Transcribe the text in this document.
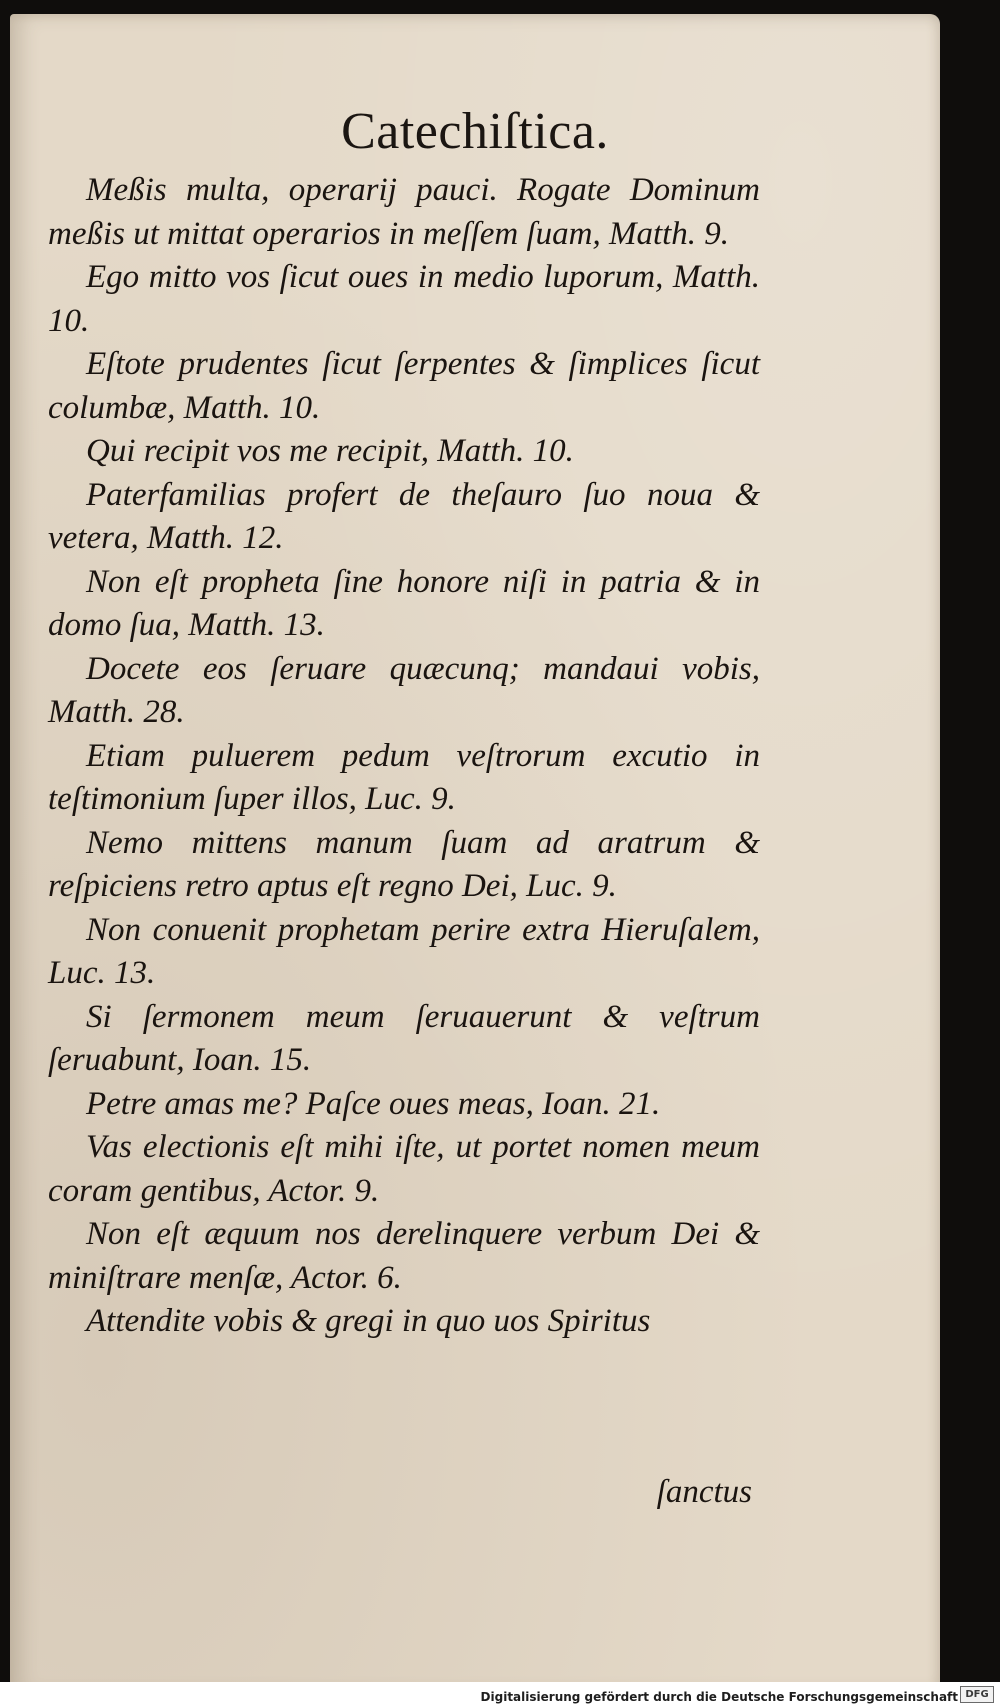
Catechiſtica.

Meßis multa, operarij pauci. Rogate Dominum meßis ut mittat operarios in meſſem ſuam, Matth. 9.

Ego mitto vos ſicut oues in medio luporum, Matth. 10.

Eſtote prudentes ſicut ſerpentes & ſimplices ſicut columbæ, Matth. 10.

Qui recipit vos me recipit, Matth. 10.

Paterfamilias profert de theſauro ſuo noua & vetera, Matth. 12.

Non eſt propheta ſine honore niſi in patria & in domo ſua, Matth. 13.

Docete eos ſeruare quæcunq; mandaui vobis, Matth. 28.

Etiam puluerem pedum veſtrorum excutio in teſtimonium ſuper illos, Luc. 9.

Nemo mittens manum ſuam ad aratrum & reſpiciens retro aptus eſt regno Dei, Luc. 9.

Non conuenit prophetam perire extra Hieruſalem, Luc. 13.

Si ſermonem meum ſeruauerunt & veſtrum ſeruabunt, Ioan. 15.

Petre amas me? Paſce oues meas, Ioan. 21.

Vas electionis eſt mihi iſte, ut portet nomen meum coram gentibus, Actor. 9.

Non eſt æquum nos derelinquere verbum Dei & miniſtrare menſæ, Actor. 6.

Attendite vobis & gregi in quo uos Spiritus

ſanctus
Digitalisierung gefördert durch die Deutsche Forschungsgemeinschaft DFG
